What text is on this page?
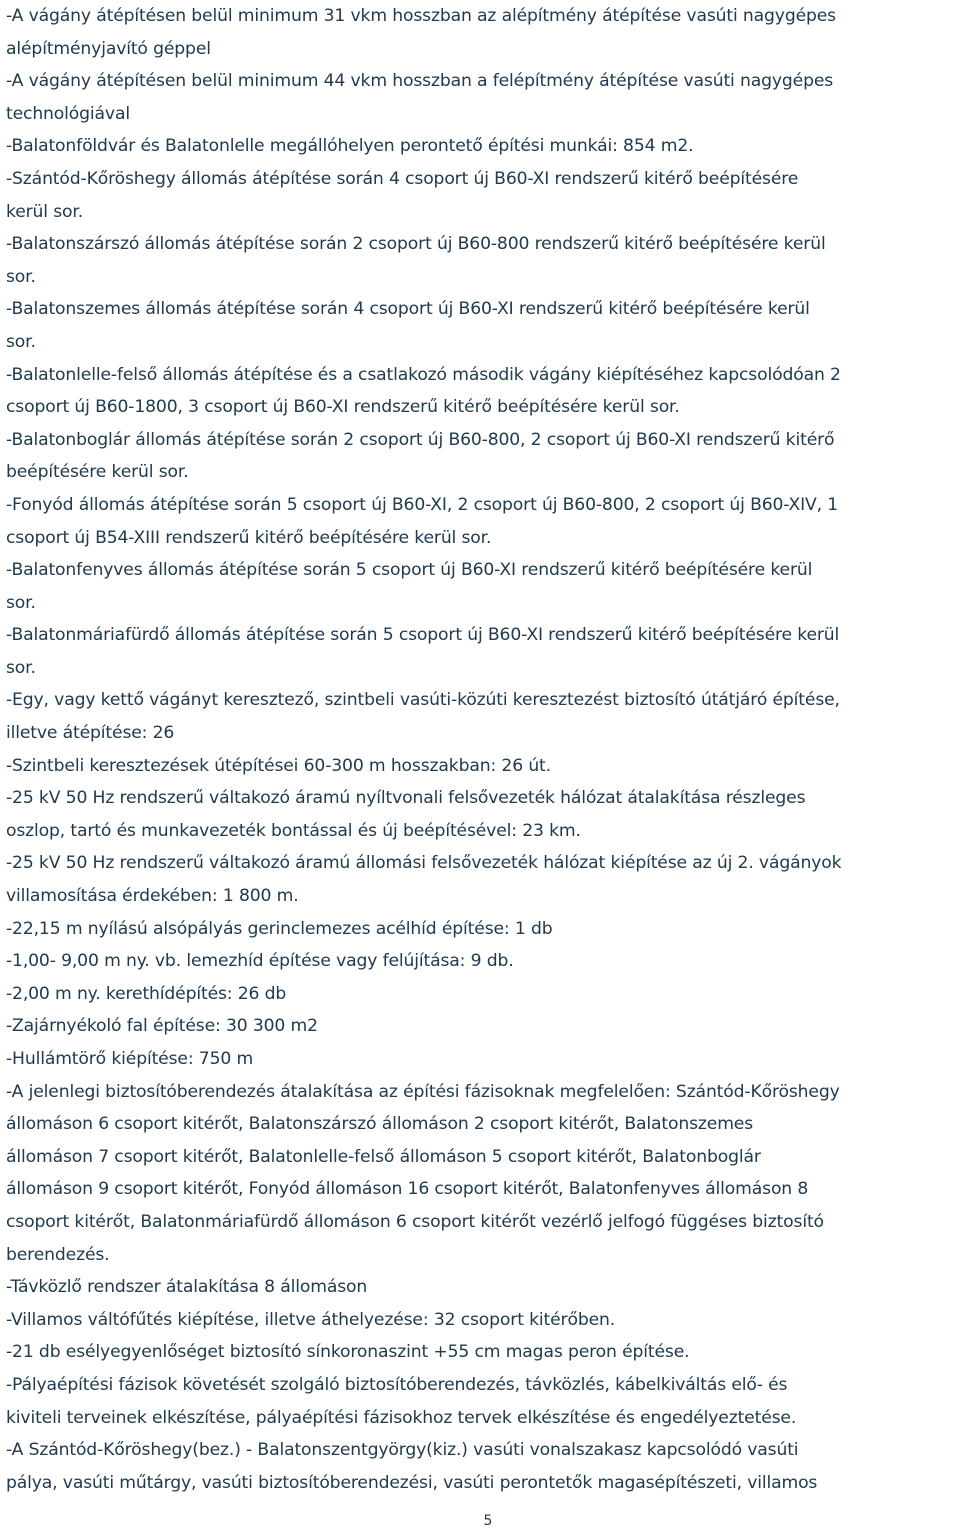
-A vágány átépítésen belül minimum 31 vkm hosszban az alépítmény átépítése vasúti nagygépes
alépítményjavító géppel
-A vágány átépítésen belül minimum 44 vkm hosszban a felépítmény átépítése vasúti nagygépes
technológiával
-Balatonföldvár és Balatonlelle megállóhelyen perontető építési munkái: 854 m2.
-Szántód-Kőröshegy állomás átépítése során 4 csoport új B60-XI rendszerű kitérő beépítésére
kerül sor.
-Balatonszárszó állomás átépítése során 2 csoport új B60-800 rendszerű kitérő beépítésére kerül
sor.
-Balatonszemes állomás átépítése során 4 csoport új B60-XI rendszerű kitérő beépítésére kerül
sor.
-Balatonlelle-felső állomás átépítése és a csatlakozó második vágány kiépítéséhez kapcsolódóan 2
csoport új B60-1800, 3 csoport új B60-XI rendszerű kitérő beépítésére kerül sor.
-Balatonboglár állomás átépítése során 2 csoport új B60-800, 2 csoport új B60-XI rendszerű kitérő
beépítésére kerül sor.
-Fonyód állomás átépítése során 5 csoport új B60-XI, 2 csoport új B60-800, 2 csoport új B60-XIV, 1
csoport új B54-XIII rendszerű kitérő beépítésére kerül sor.
-Balatonfenyves állomás átépítése során 5 csoport új B60-XI rendszerű kitérő beépítésére kerül
sor.
-Balatonmáriafürdő állomás átépítése során 5 csoport új B60-XI rendszerű kitérő beépítésére kerül
sor.
-Egy, vagy kettő vágányt keresztező, szintbeli vasúti-közúti keresztezést biztosító útátjáró építése,
illetve átépítése: 26
-Szintbeli keresztezések útépítései 60-300 m hosszakban: 26 út.
-25 kV 50 Hz rendszerű váltakozó áramú nyíltvonali felsővezeték hálózat átalakítása részleges
oszlop, tartó és munkavezeték bontással és új beépítésével: 23 km.
-25 kV 50 Hz rendszerű váltakozó áramú állomási felsővezeték hálózat kiépítése az új 2. vágányok
villamosítása érdekében: 1 800 m.
-22,15 m nyílású alsópályás gerinclemezes acélhíd építése: 1 db
-1,00- 9,00 m ny. vb. lemezhíd építése vagy felújítása: 9 db.
-2,00 m ny. kerethídépítés: 26 db
-Zajárnyékoló fal építése: 30 300 m2
-Hullámtörő kiépítése: 750 m
-A jelenlegi biztosítóberendezés átalakítása az építési fázisoknak megfelelően: Szántód-Kőröshegy
állomáson 6 csoport kitérőt, Balatonszárszó állomáson 2 csoport kitérőt, Balatonszemes
állomáson 7 csoport kitérőt, Balatonlelle-felső állomáson 5 csoport kitérőt, Balatonboglár
állomáson 9 csoport kitérőt, Fonyód állomáson 16 csoport kitérőt, Balatonfenyves állomáson 8
csoport kitérőt, Balatonmáriafürdő állomáson 6 csoport kitérőt vezérlő jelfogó függéses biztosító
berendezés.
-Távközlő rendszer átalakítása 8 állomáson
-Villamos váltófűtés kiépítése, illetve áthelyezése: 32 csoport kitérőben.
-21 db esélyegyenlőséget biztosító sínkoronaszint +55 cm magas peron építése.
-Pályaépítési fázisok követését szolgáló biztosítóberendezés, távközlés, kábelkiváltás elő- és
kiviteli terveinek elkészítése, pályaépítési fázisokhoz tervek elkészítése és engedélyeztetése.
-A Szántód-Kőröshegy(bez.) - Balatonszentgyörgy(kiz.) vasúti vonalszakasz kapcsolódó vasúti
pálya, vasúti műtárgy, vasúti biztosítóberendezési, vasúti perontetők magasépítészeti, villamos
5
